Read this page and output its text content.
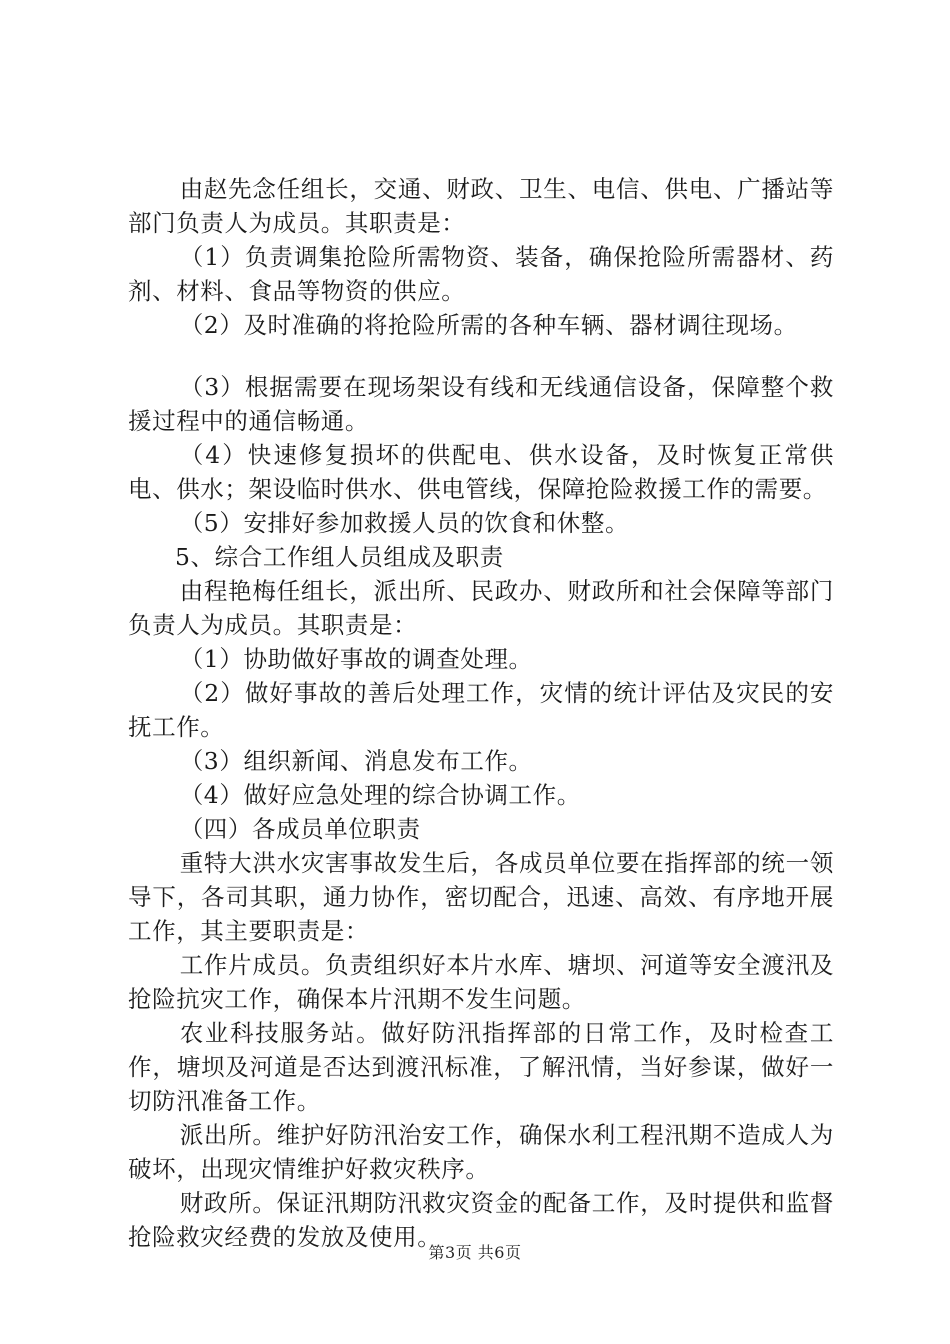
由赵先念任组长，交通、财政、卫生、电信、供电、广播站等部门负责人为成员。其职责是：

（1）负责调集抢险所需物资、装备，确保抢险所需器材、药剂、材料、食品等物资的供应。

（2）及时准确的将抢险所需的各种车辆、器材调往现场。

（3）根据需要在现场架设有线和无线通信设备，保障整个救援过程中的通信畅通。

（4）快速修复损坏的供配电、供水设备，及时恢复正常供电、供水；架设临时供水、供电管线，保障抢险救援工作的需要。

（5）安排好参加救援人员的饮食和休整。

5、综合工作组人员组成及职责

由程艳梅任组长，派出所、民政办、财政所和社会保障等部门负责人为成员。其职责是：

（1）协助做好事故的调查处理。

（2）做好事故的善后处理工作，灾情的统计评估及灾民的安抚工作。

（3）组织新闻、消息发布工作。

（4）做好应急处理的综合协调工作。

（四）各成员单位职责

重特大洪水灾害事故发生后，各成员单位要在指挥部的统一领导下，各司其职，通力协作，密切配合，迅速、高效、有序地开展工作，其主要职责是：

工作片成员。负责组织好本片水库、塘坝、河道等安全渡汛及抢险抗灾工作，确保本片汛期不发生问题。

农业科技服务站。做好防汛指挥部的日常工作，及时检查工作，塘坝及河道是否达到渡汛标准，了解汛情，当好参谋，做好一切防汛准备工作。

派出所。维护好防汛治安工作，确保水利工程汛期不造成人为破坏，出现灾情维护好救灾秩序。

财政所。保证汛期防汛救灾资金的配备工作，及时提供和监督抢险救灾经费的发放及使用。

第3页 共6页
